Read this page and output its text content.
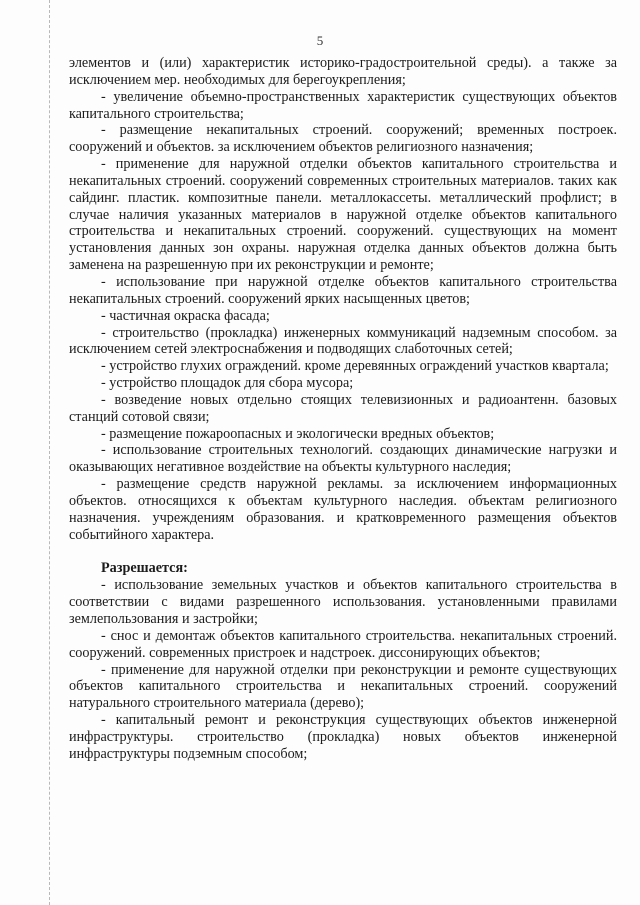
5

элементов и (или) характеристик историко-градостроительной среды). а также за исключением мер. необходимых для берегоукрепления;

- увеличение объемно-пространственных характеристик существующих объектов капитального строительства;

- размещение некапитальных строений. сооружений; временных построек. сооружений и объектов. за исключением объектов религиозного назначения;

- применение для наружной отделки объектов капитального строительства и некапитальных строений. сооружений современных строительных материалов. таких как сайдинг. пластик. композитные панели. металлокассеты. металлический профлист; в случае наличия указанных материалов в наружной отделке объектов капитального строительства и некапитальных строений. сооружений. существующих на момент установления данных зон охраны. наружная отделка данных объектов должна быть заменена на разрешенную при их реконструкции и ремонте;

- использование при наружной отделке объектов капитального строительства некапитальных строений. сооружений ярких насыщенных цветов;

- частичная окраска фасада;

- строительство (прокладка) инженерных коммуникаций надземным способом. за исключением сетей электроснабжения и подводящих слаботочных сетей;

- устройство глухих ограждений. кроме деревянных ограждений участков квартала;

- устройство площадок для сбора мусора;

- возведение новых отдельно стоящих телевизионных и радиоантенн. базовых станций сотовой связи;

- размещение пожароопасных и экологически вредных объектов;

- использование строительных технологий. создающих динамические нагрузки и оказывающих негативное воздействие на объекты культурного наследия;

- размещение средств наружной рекламы. за исключением информационных объектов. относящихся к объектам культурного наследия. объектам религиозного назначения. учреждениям образования. и кратковременного размещения объектов событийного характера.

Разрешается:

- использование земельных участков и объектов капитального строительства в соответствии с видами разрешенного использования. установленными правилами землепользования и застройки;

- снос и демонтаж объектов капитального строительства. некапитальных строений. сооружений. современных пристроек и надстроек. диссонирующих объектов;

- применение для наружной отделки при реконструкции и ремонте существующих объектов капитального строительства и некапитальных строений. сооружений натурального строительного материала (дерево);

- капитальный ремонт и реконструкция существующих объектов инженерной инфраструктуры. строительство (прокладка) новых объектов инженерной инфраструктуры подземным способом;
